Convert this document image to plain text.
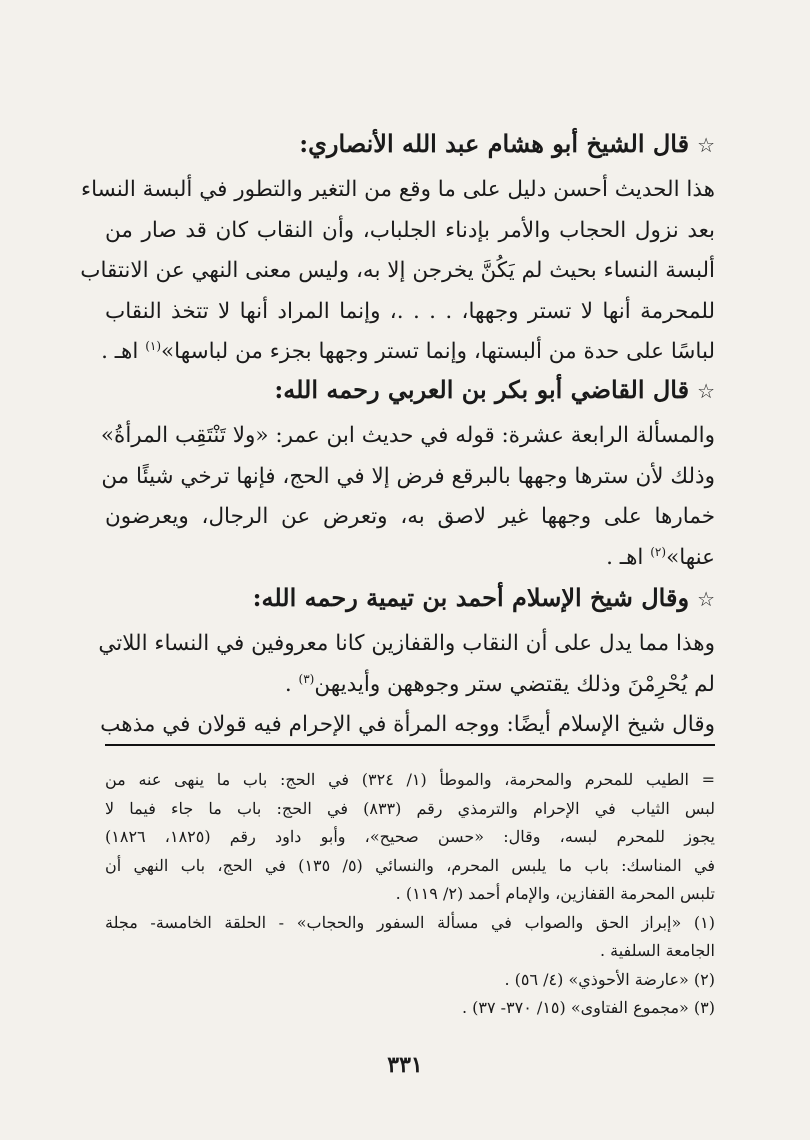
☆قال الشيخ أبو هشام عبد الله الأنصاري:
هذا الحديث أحسن دليل على ما وقع من التغير والتطور في ألبسة النساء
بعد نزول الحجاب والأمر بإدناء الجلباب، وأن النقاب كان قد صار من
ألبسة النساء بحيث لم يَكُنَّ يخرجن إلا به، وليس معنى النهي عن الانتقاب
للمحرمة أنها لا تستر وجهها، . . . .، وإنما المراد أنها لا تتخذ النقاب
لباسًا على حدة من ألبستها، وإنما تستر وجهها بجزء من لباسها»$^{(١)}$ اهـ .
☆قال القاضي أبو بكر بن العربي رحمه الله:
والمسألة الرابعة عشرة: قوله في حديث ابن عمر: «ولا تَنْتَقِب المرأةُ»
وذلك لأن سترها وجهها بالبرقع فرض إلا في الحج، فإنها ترخي شيئًا من
خمارها على وجهها غير لاصق به، وتعرض عن الرجال، ويعرضون
عنها»$^{(٢)}$ اهـ .
☆وقال شيخ الإسلام أحمد بن تيمية رحمه الله:
وهذا مما يدل على أن النقاب والقفازين كانا معروفين في النساء اللاتي
لم يُحْرِمْنَ وذلك يقتضي ستر وجوههن وأيديهن$^{(٣)}$ .
وقال شيخ الإسلام أيضًا: ووجه المرأة في الإحرام فيه قولان في مذهب
= الطيب للمحرم والمحرمة، والموطأ (١/ ٣٢٤) في الحج: باب ما ينهى عنه من
لبس الثياب في الإحرام والترمذي رقم (٨٣٣) في الحج: باب ما جاء فيما لا
يجوز للمحرم لبسه، وقال: «حسن صحيح»، وأبو داود رقم (١٨٢٥، ١٨٢٦)
في المناسك: باب ما يلبس المحرم، والنسائي (٥/ ١٣٥) في الحج، باب النهي أن
تلبس المحرمة القفازين، والإمام أحمد (٢/ ١١٩) .
(١) «إبراز الحق والصواب في مسألة السفور والحجاب» - الحلقة الخامسة- مجلة
الجامعة السلفية .
(٢) «عارضة الأحوذي» (٤/ ٥٦) .
(٣) «مجموع الفتاوى» (١٥/ ٣٧٠- ٣٧) .
٣٣١
